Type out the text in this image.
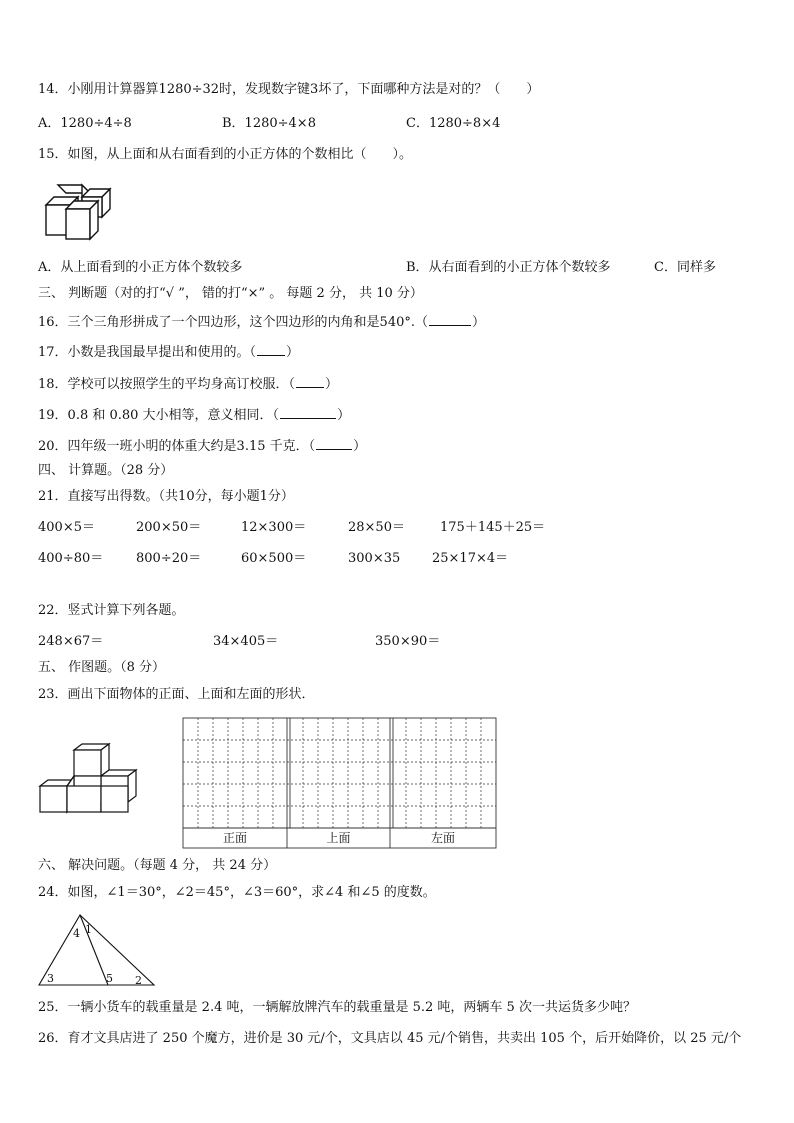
14．小刚用计算器算1280÷32时，发现数字键3坏了，下面哪种方法是对的？（　　）
A．1280÷4÷8	B．1280÷4×8	C．1280÷8×4
15．如图，从上面和从右面看到的小正方体的个数相比（　　）。
A．从上面看到的小正方体个数较多	B．从右面看到的小正方体个数较多	C．同样多
三、 判断题（对的打“√ ”， 错的打“×” 。 每题 2 分， 共 10 分）
16．三个三角形拼成了一个四边形，这个四边形的内角和是540°.（	）
17．小数是我国最早提出和使用的。（ ）
18．学校可以按照学生的平均身高订校服．（ ）
19．0.8 和 0.80 大小相等，意义相同．（	）
20．四年级一班小明的体重大约是3.15 千克．（	）
四、 计算题。（28 分）
21．直接写出得数。（共10分，每小题1分）
400×5＝	200×50＝	12×300＝	28×50＝	175＋145＋25＝
400÷80＝	800÷20＝	60×500＝	300×35 25×17×4＝
22．竖式计算下列各题。
248×67＝	34×405＝	350×90＝
五、 作图题。（8 分）
23．画出下面物体的正面、上面和左面的形状．
正面	上面	左面
六、 解决问题。（每题 4 分， 共 24 分）
24．如图，∠1＝30°，∠2＝45°，∠3＝60°，求∠4 和∠5 的度数。
4 1
3	5 2
25．一辆小货车的载重量是 2.4 吨，一辆解放牌汽车的载重量是 5.2 吨，两辆车 5 次一共运货多少吨？
26．育才文具店进了 250 个魔方，进价是 30 元/个，文具店以 45 元/个销售，共卖出 105 个，后开始降价，以 25 元/个
